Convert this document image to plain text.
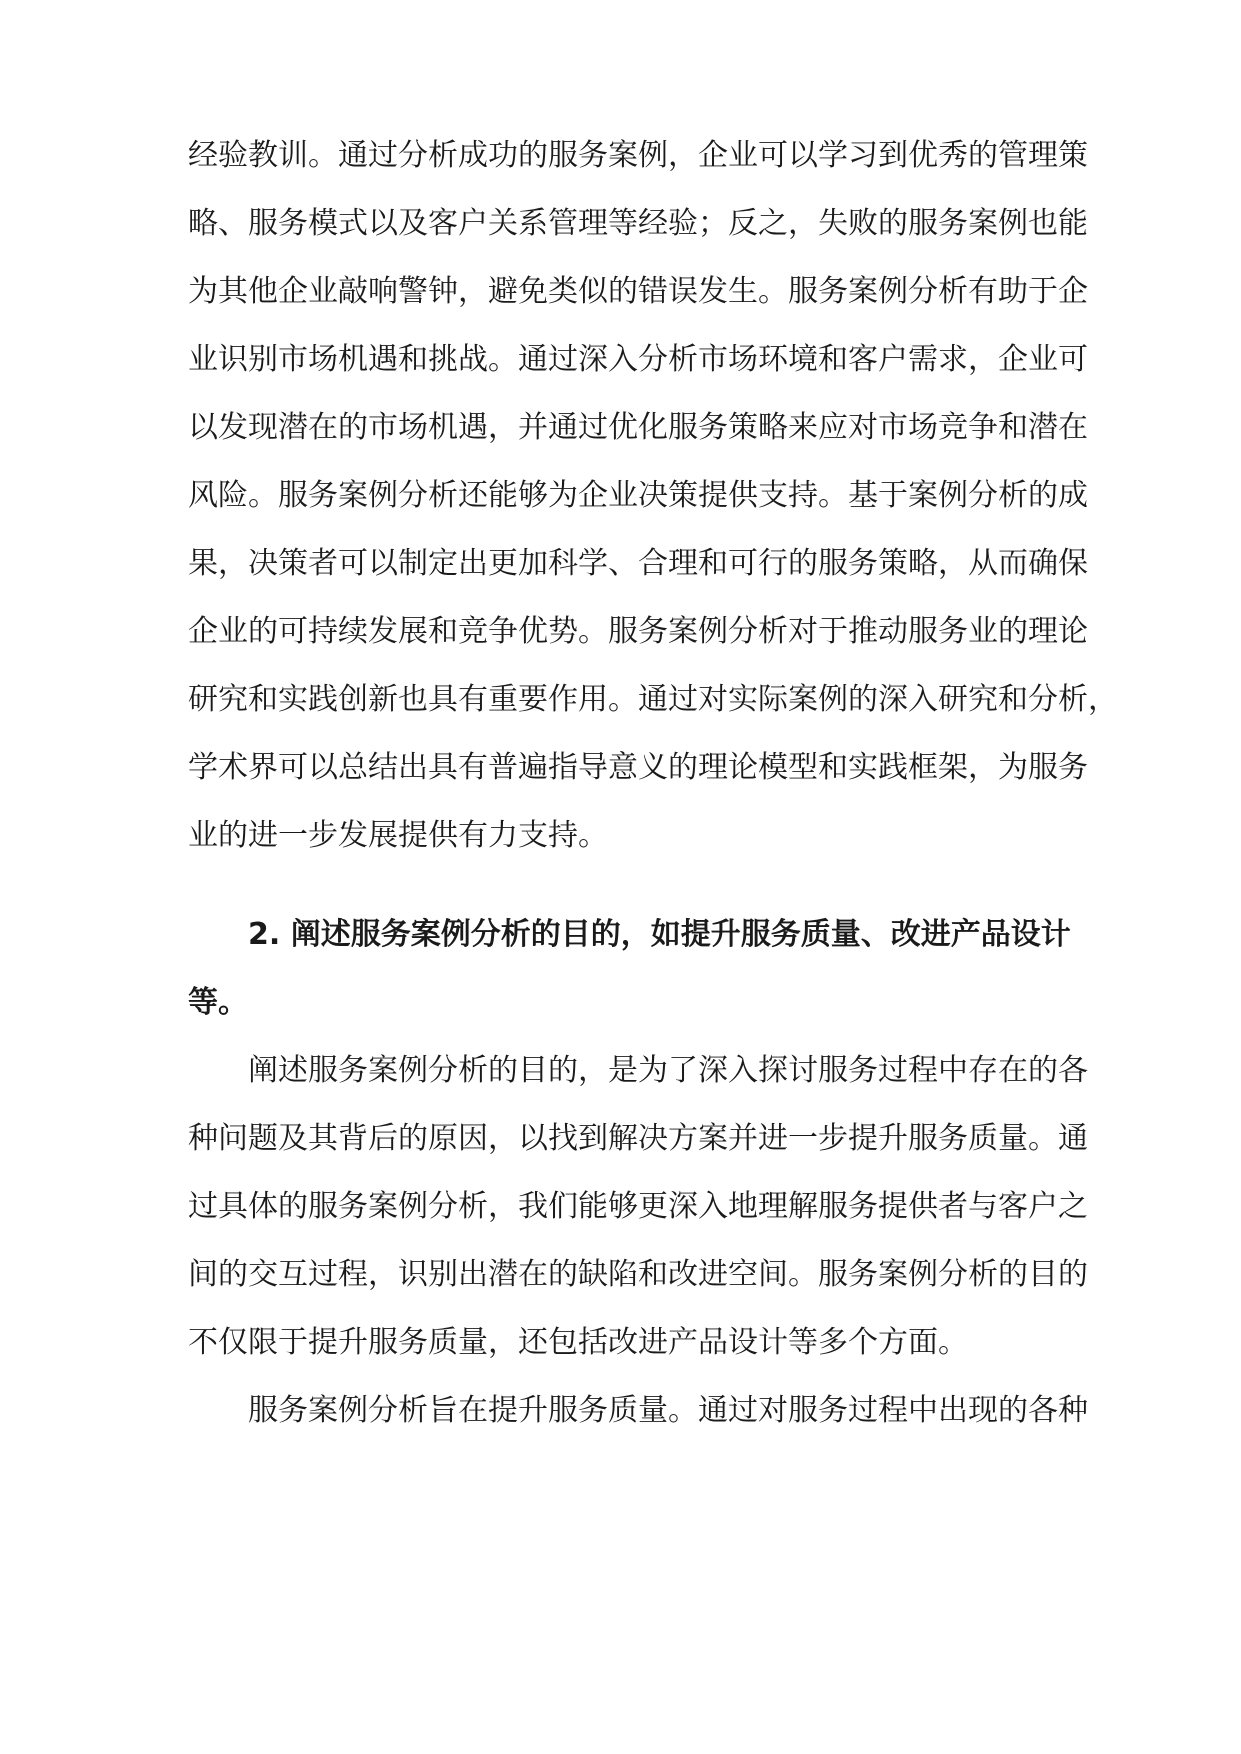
经验教训。通过分析成功的服务案例，企业可以学习到优秀的管理策
略、服务模式以及客户关系管理等经验；反之，失败的服务案例也能
为其他企业敲响警钟，避免类似的错误发生。服务案例分析有助于企
业识别市场机遇和挑战。通过深入分析市场环境和客户需求，企业可
以发现潜在的市场机遇，并通过优化服务策略来应对市场竞争和潜在
风险。服务案例分析还能够为企业决策提供支持。基于案例分析的成
果，决策者可以制定出更加科学、合理和可行的服务策略，从而确保
企业的可持续发展和竞争优势。服务案例分析对于推动服务业的理论
研究和实践创新也具有重要作用。通过对实际案例的深入研究和分析，
学术界可以总结出具有普遍指导意义的理论模型和实践框架，为服务
业的进一步发展提供有力支持。
2. 阐述服务案例分析的目的，如提升服务质量、改进产品设计
等。
阐述服务案例分析的目的，是为了深入探讨服务过程中存在的各
种问题及其背后的原因，以找到解决方案并进一步提升服务质量。通
过具体的服务案例分析，我们能够更深入地理解服务提供者与客户之
间的交互过程，识别出潜在的缺陷和改进空间。服务案例分析的目的
不仅限于提升服务质量，还包括改进产品设计等多个方面。
服务案例分析旨在提升服务质量。通过对服务过程中出现的各种
